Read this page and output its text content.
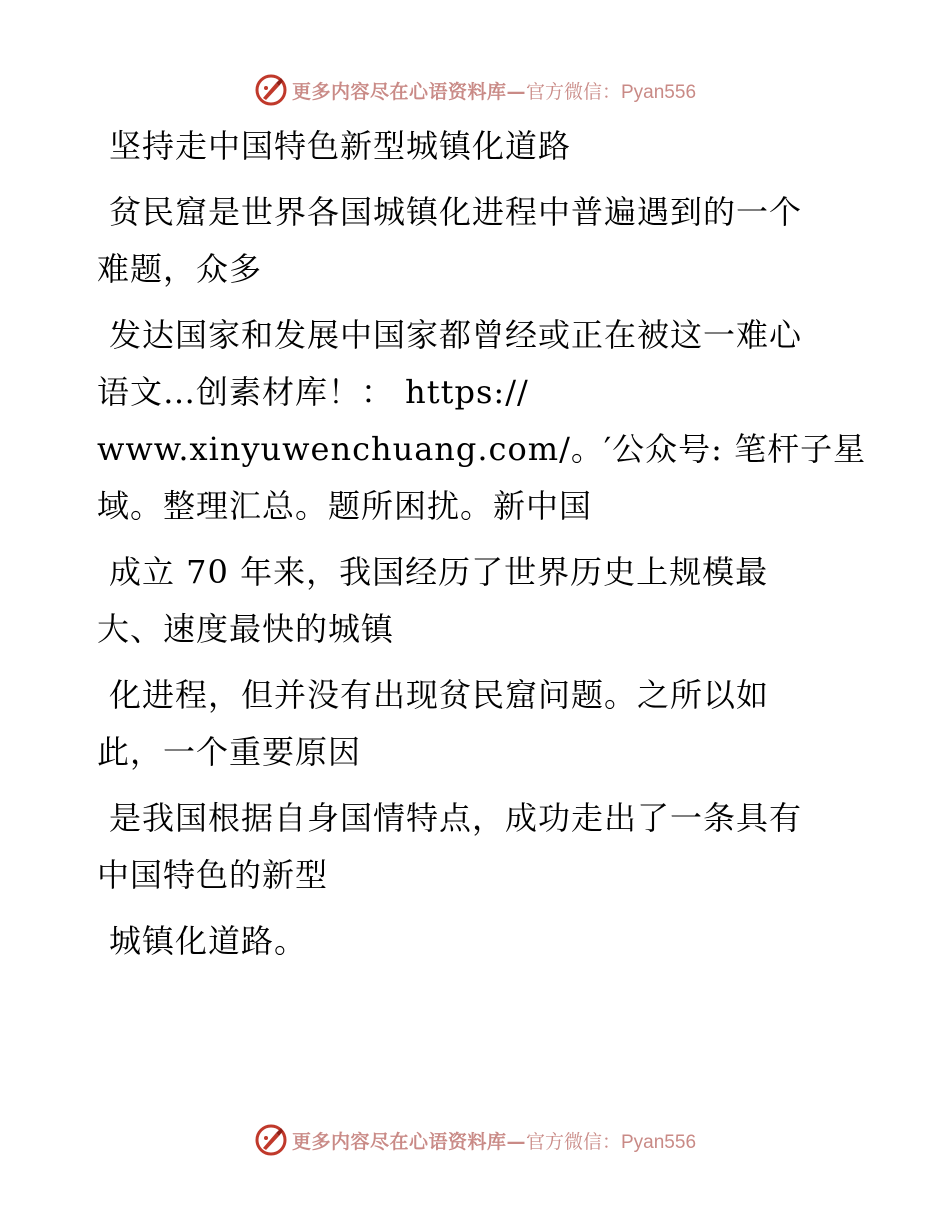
更多内容尽在心语资料库— 官方微信：Pyan556

坚持走中国特色新型城镇化道路

贫民窟是世界各国城镇化进程中普遍遇到的一个
难题，众多

发达国家和发展中国家都曾经或正在被这一难心
语文…创素材库！： https://
www.xinyuwenchuang.com/。′公众号: 笔杆子星
域。整理汇总。题所困扰。新中国

成立 70 年来，我国经历了世界历史上规模最
大、速度最快的城镇

化进程，但并没有出现贫民窟问题。之所以如
此，一个重要原因

是我国根据自身国情特点，成功走出了一条具有
中国特色的新型

城镇化道路。

更多内容尽在心语资料库— 官方微信：Pyan556
